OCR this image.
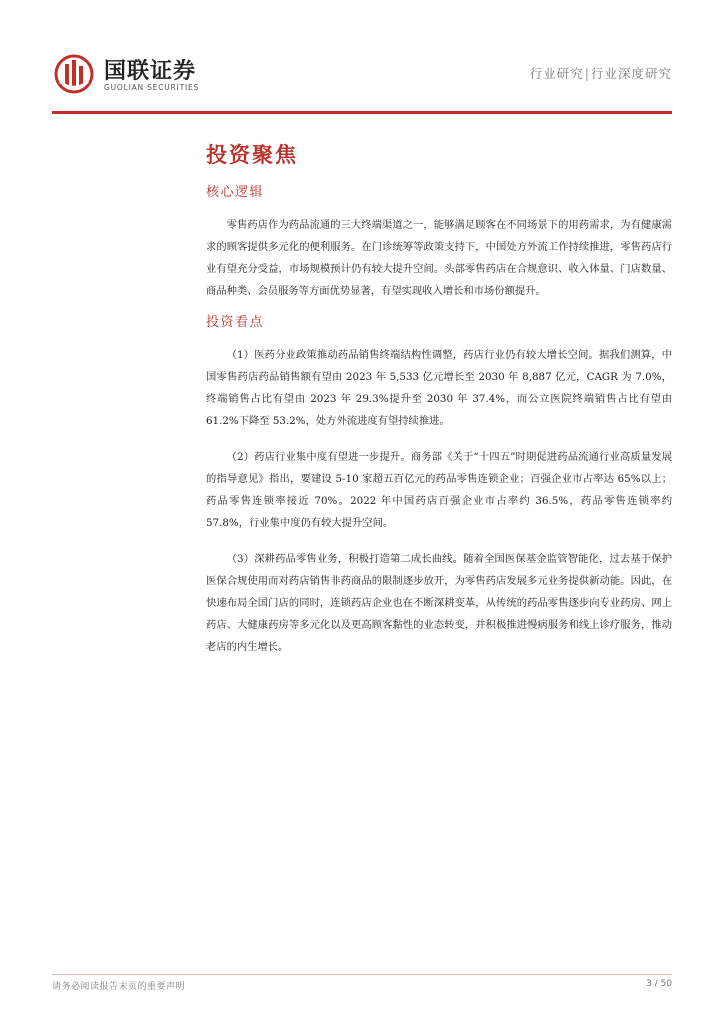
国联证券
GUOLIAN SECURITIES
行业研究|行业深度研究
投资聚焦
核心逻辑

零售药店作为药品流通的三大终端渠道之一，能够满足顾客在不同场景下的用药需求，为有健康需求的顾客提供多元化的便利服务。在门诊统筹等政策支持下，中国处方外流工作持续推进，零售药店行业有望充分受益，市场规模预计仍有较大提升空间。头部零售药店在合规意识、收入体量、门店数量、商品种类、会员服务等方面优势显著，有望实现收入增长和市场份额提升。

投资看点

（1）医药分业政策推动药品销售终端结构性调整，药店行业仍有较大增长空间。据我们测算，中国零售药店药品销售额有望由 2023 年 5,533 亿元增长至 2030 年 8,887 亿元，CAGR 为 7.0%，终端销售占比有望由 2023 年 29.3%提升至 2030 年 37.4%，而公立医院终端销售占比有望由 61.2%下降至 53.2%，处方外流进度有望持续推进。

（2）药店行业集中度有望进一步提升。商务部《关于“十四五”时期促进药品流通行业高质量发展的指导意见》指出，要建设 5-10 家超五百亿元的药品零售连锁企业；百强企业市占率达 65%以上；药品零售连锁率接近 70%。2022 年中国药店百强企业市占率约 36.5%，药品零售连锁率约 57.8%，行业集中度仍有较大提升空间。

（3）深耕药品零售业务，积极打造第二成长曲线。随着全国医保基金监管智能化，过去基于保护医保合规使用而对药店销售非药商品的限制逐步放开，为零售药店发展多元业务提供新动能。因此，在快速布局全国门店的同时，连锁药店企业也在不断深耕变革，从传统的药品零售逐步向专业药房、网上药店、大健康药房等多元化以及更高顾客黏性的业态转变，并积极推进慢病服务和线上诊疗服务，推动老店的内生增长。

请务必阅读报告末页的重要声明	3 / 50
